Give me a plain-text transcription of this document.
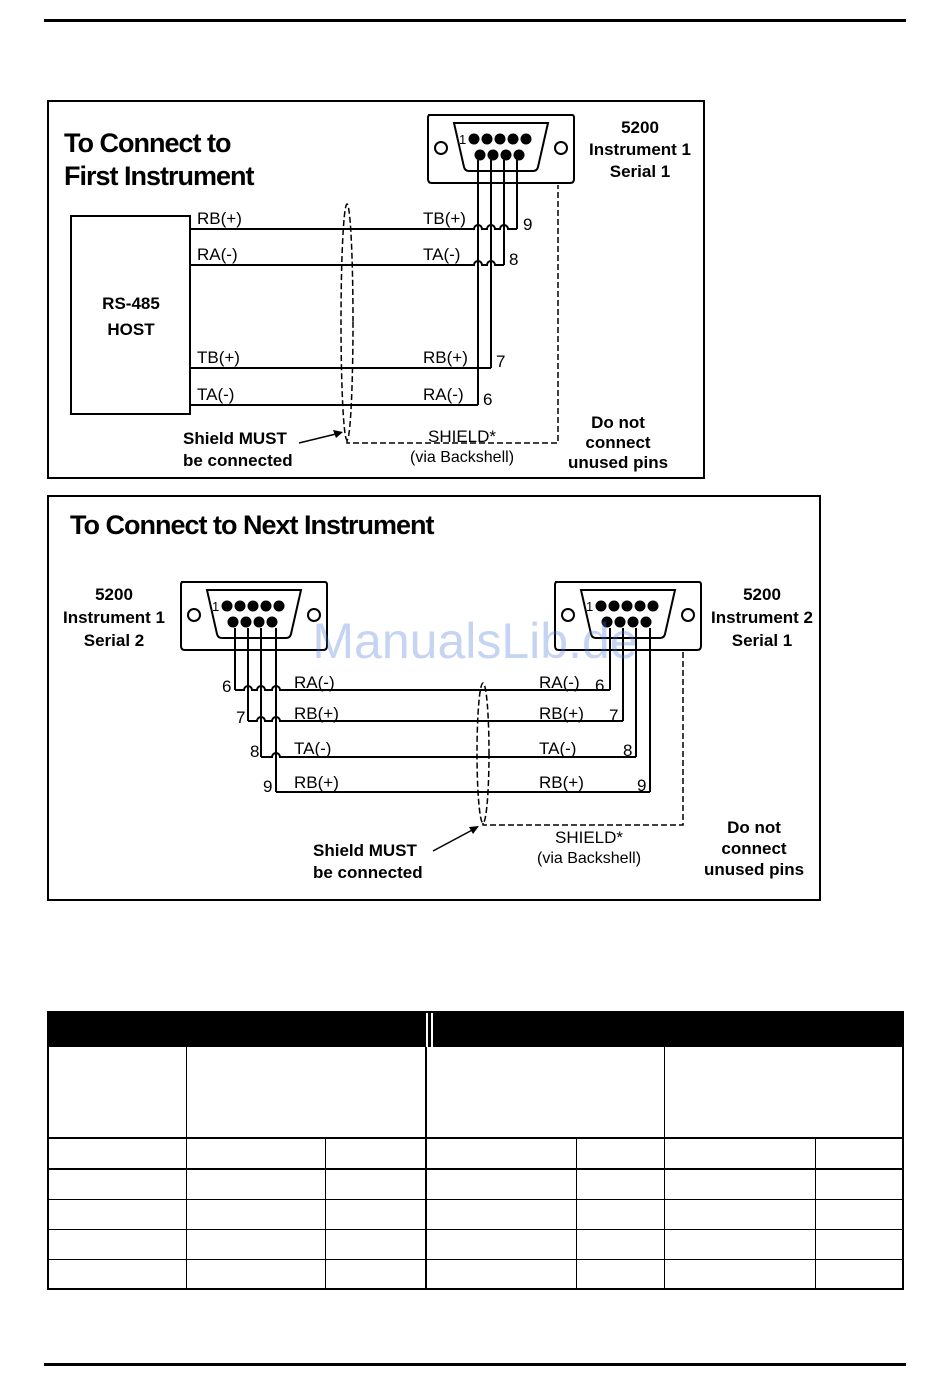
To Connect to
First Instrument
RS-485
HOST
1
5200
Instrument 1
Serial 1
RB(+)
RA(-)
TB(+)
TA(-)
TB(+)
TA(-)
RB(+)
RA(-)
9
8
7
6
Shield MUST
be connected
SHIELD*
(via Backshell)
Do not
connect
unused pins
To Connect to Next Instrument
1
5200
Instrument 1
Serial 2
1
5200
Instrument 2
Serial 1
6
7
8
9
RA(-)
RB(+)
TA(-)
RB(+)
RA(-)
RB(+)
TA(-)
RB(+)
6
7
8
9
Shield MUST
be connected
SHIELD*
(via Backshell)
Do not
connect
unused pins
ManualsLib.de
